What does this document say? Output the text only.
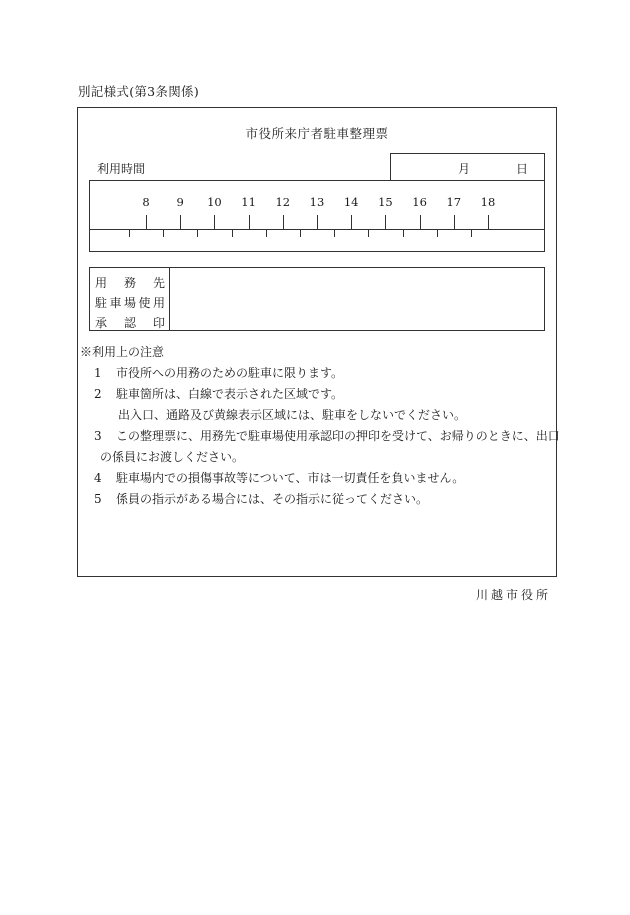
別記様式(第3条関係)
市役所来庁者駐車整理票
利用時間	月	日
8 9 10 11 12 13 14 15 16 17 18
用 務 先
駐 車 場 使 用
承 認 印
※利用上の注意
1 市役所への用務のための駐車に限ります。
2 駐車箇所は、白線で表示された区域です。
出入口、通路及び黄線表示区域には、駐車をしないでください。
3 この整理票に、用務先で駐車場使用承認印の押印を受けて、お帰りのときに、出口
の係員にお渡しください。
4 駐車場内での損傷事故等について、市は一切責任を負いません。
5 係員の指示がある場合には、その指示に従ってください。
川越市役所
